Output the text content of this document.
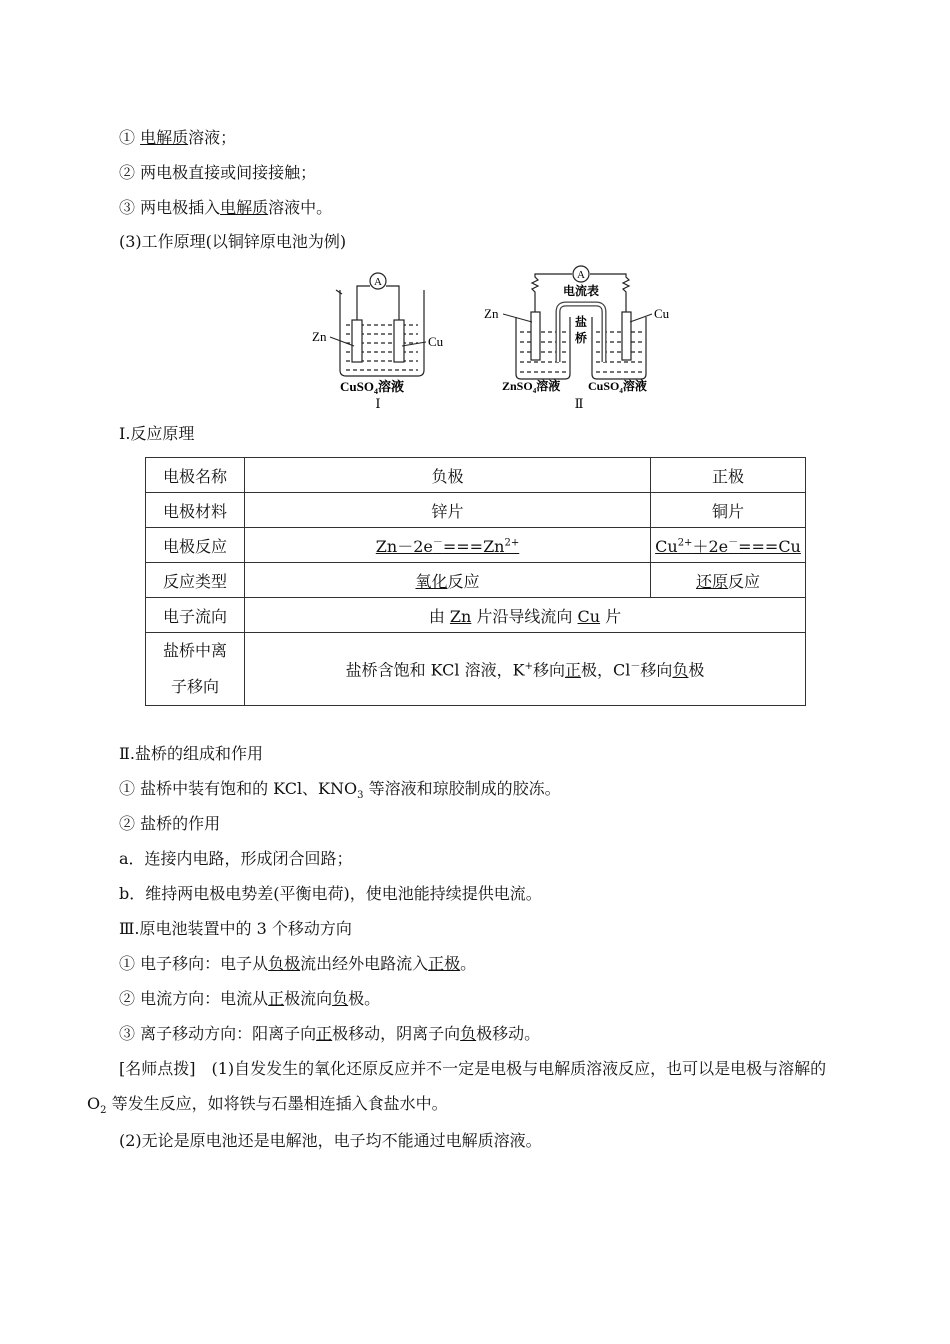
① 电解质溶液；
② 两电极直接或间接接触；
③ 两电极插入电解质溶液中。
(3)工作原理(以铜锌原电池为例)
A
Zn	Cu
CuSO$_4$溶液
Ⅰ
A
电流表
盐
桥
Zn	Cu
ZnSO$_4$溶液 CuSO$_4$溶液
Ⅱ
Ⅰ.反应原理
电极名称	负极	正极
电极材料	锌片	铜片
电极反应	$Zn-2e^-===Zn^{2+}$	$Cu^{2+}+2e^-===Cu$
反应类型	氧化反应	还原反应
电子流向	由 Zn 片沿导线流向 Cu 片	
盐桥中离
子移向	盐桥含饱和 KCl 溶液，K+移向正极，Cl－移向负极	
Ⅱ.盐桥的组成和作用
① 盐桥中装有饱和的 KCl、$KNO_3$ 等溶液和琼胶制成的胶冻。
② 盐桥的作用
a．连接内电路，形成闭合回路；
b．维持两电极电势差(平衡电荷)，使电池能持续提供电流。
Ⅲ.原电池装置中的 3 个移动方向
① 电子移向：电子从负极流出经外电路流入正极。
② 电流方向：电流从正极流向负极。
③ 离子移动方向：阳离子向正极移动，阴离子向负极移动。
[名师点拨]　(1)自发发生的氧化还原反应并不一定是电极与电解质溶液反应，也可以是电极与溶解的
$O_2$ 等发生反应，如将铁与石墨相连插入食盐水中。
(2)无论是原电池还是电解池，电子均不能通过电解质溶液。
